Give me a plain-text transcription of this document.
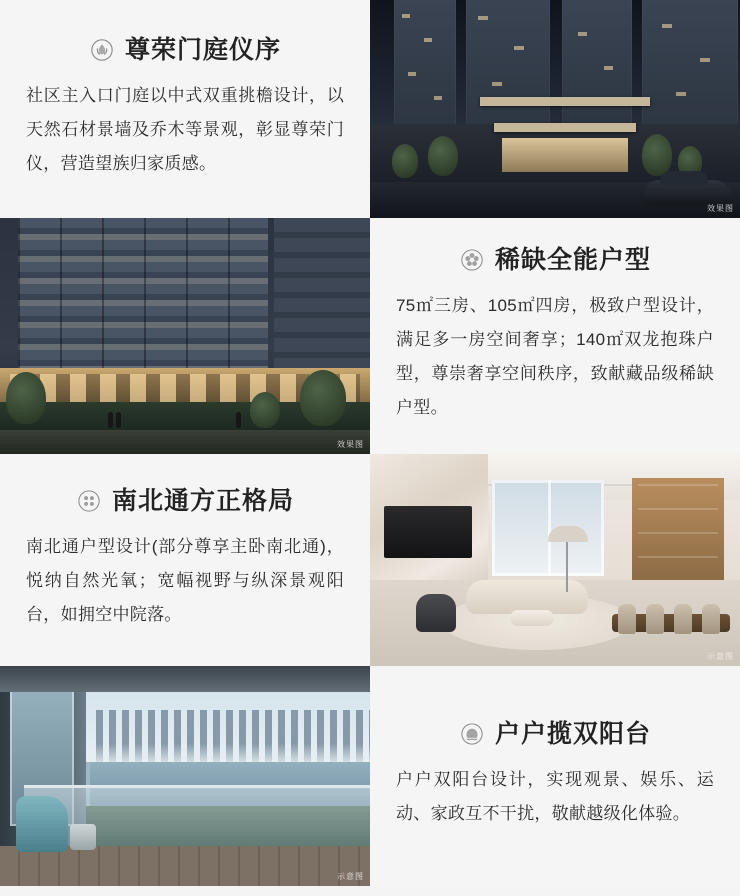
尊荣门庭仪序
社区主入口门庭以中式双重挑檐设计，以天然石材景墙及乔木等景观，彰显尊荣门仪，营造望族归家质感。
效果图
效果图
稀缺全能户型
75㎡三房、105㎡四房，极致户型设计，满足多一房空间奢享；140㎡双龙抱珠户型，尊崇奢享空间秩序，致献藏品级稀缺户型。
南北通方正格局
南北通户型设计(部分尊享主卧南北通)，悦纳自然光氧；宽幅视野与纵深景观阳台，如拥空中院落。
示意图
示意图
户户揽双阳台
户户双阳台设计，实现观景、娱乐、运动、家政互不干扰，敬献越级化体验。
